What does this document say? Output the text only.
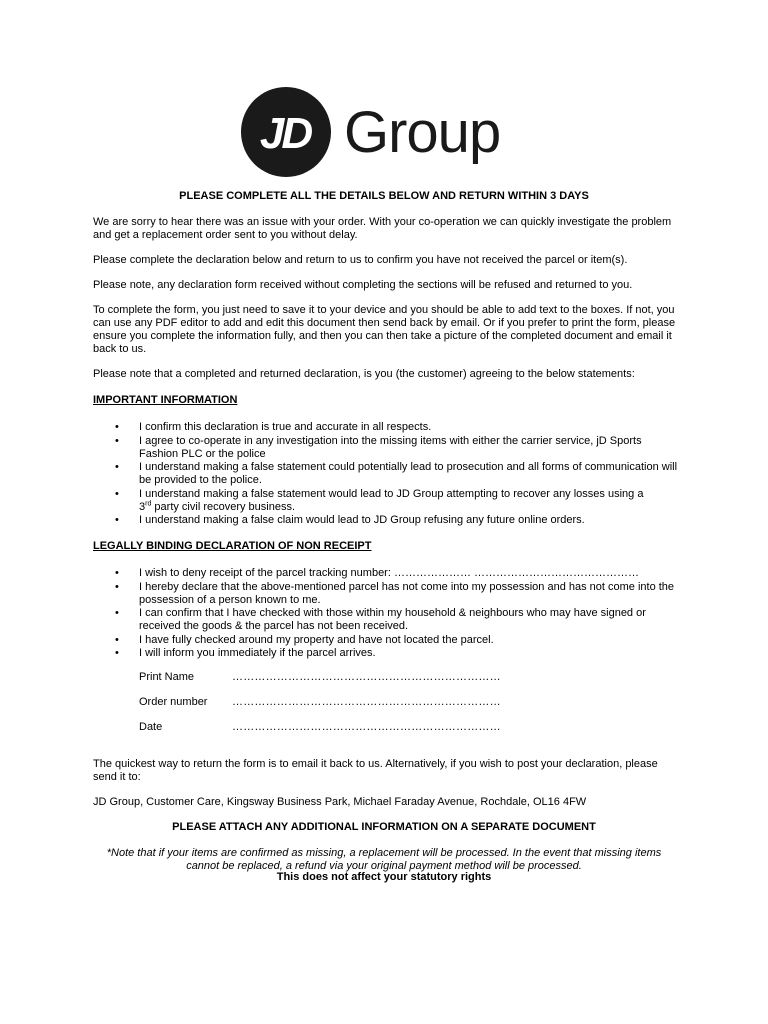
JD Group
PLEASE COMPLETE ALL THE DETAILS BELOW AND RETURN WITHIN 3 DAYS
We are sorry to hear there was an issue with your order. With your co-operation we can quickly investigate the problem and get a replacement order sent to you without delay.
Please complete the declaration below and return to us to confirm you have not received the parcel or item(s).
Please note, any declaration form received without completing the sections will be refused and returned to you.
To complete the form, you just need to save it to your device and you should be able to add text to the boxes. If not, you can use any PDF editor to add and edit this document then send back by email. Or if you prefer to print the form, please ensure you complete the information fully, and then you can then take a picture of the completed document and email it back to us.
Please note that a completed and returned declaration, is you (the customer) agreeing to the below statements:
IMPORTANT INFORMATION
• I confirm this declaration is true and accurate in all respects.
• I agree to co-operate in any investigation into the missing items with either the carrier service, jD Sports Fashion PLC or the police
• I understand making a false statement could potentially lead to prosecution and all forms of communication will be provided to the police.
• I understand making a false statement would lead to JD Group attempting to recover any losses using a
3rd party civil recovery business.
• I understand making a false claim would lead to JD Group refusing any future online orders.
LEGALLY BINDING DECLARATION OF NON RECEIPT
• I wish to deny receipt of the parcel tracking number: ………………… ………………………………………
• I hereby declare that the above-mentioned parcel has not come into my possession and has not come into the possession of a person known to me.
• I can confirm that I have checked with those within my household & neighbours who may have signed or received the goods & the parcel has not been received.
• I have fully checked around my property and have not located the parcel.
• I will inform you immediately if the parcel arrives.
Print Name	………………………………………………………………
Order number ………………………………………………………………
Date	………………………………………………………………
The quickest way to return the form is to email it back to us. Alternatively, if you wish to post your declaration, please send it to:
JD Group, Customer Care, Kingsway Business Park, Michael Faraday Avenue, Rochdale, OL16 4FW
PLEASE ATTACH ANY ADDITIONAL INFORMATION ON A SEPARATE DOCUMENT
*Note that if your items are confirmed as missing, a replacement will be processed. In the event that missing items cannot be replaced, a refund via your original payment method will be processed.
This does not affect your statutory rights
